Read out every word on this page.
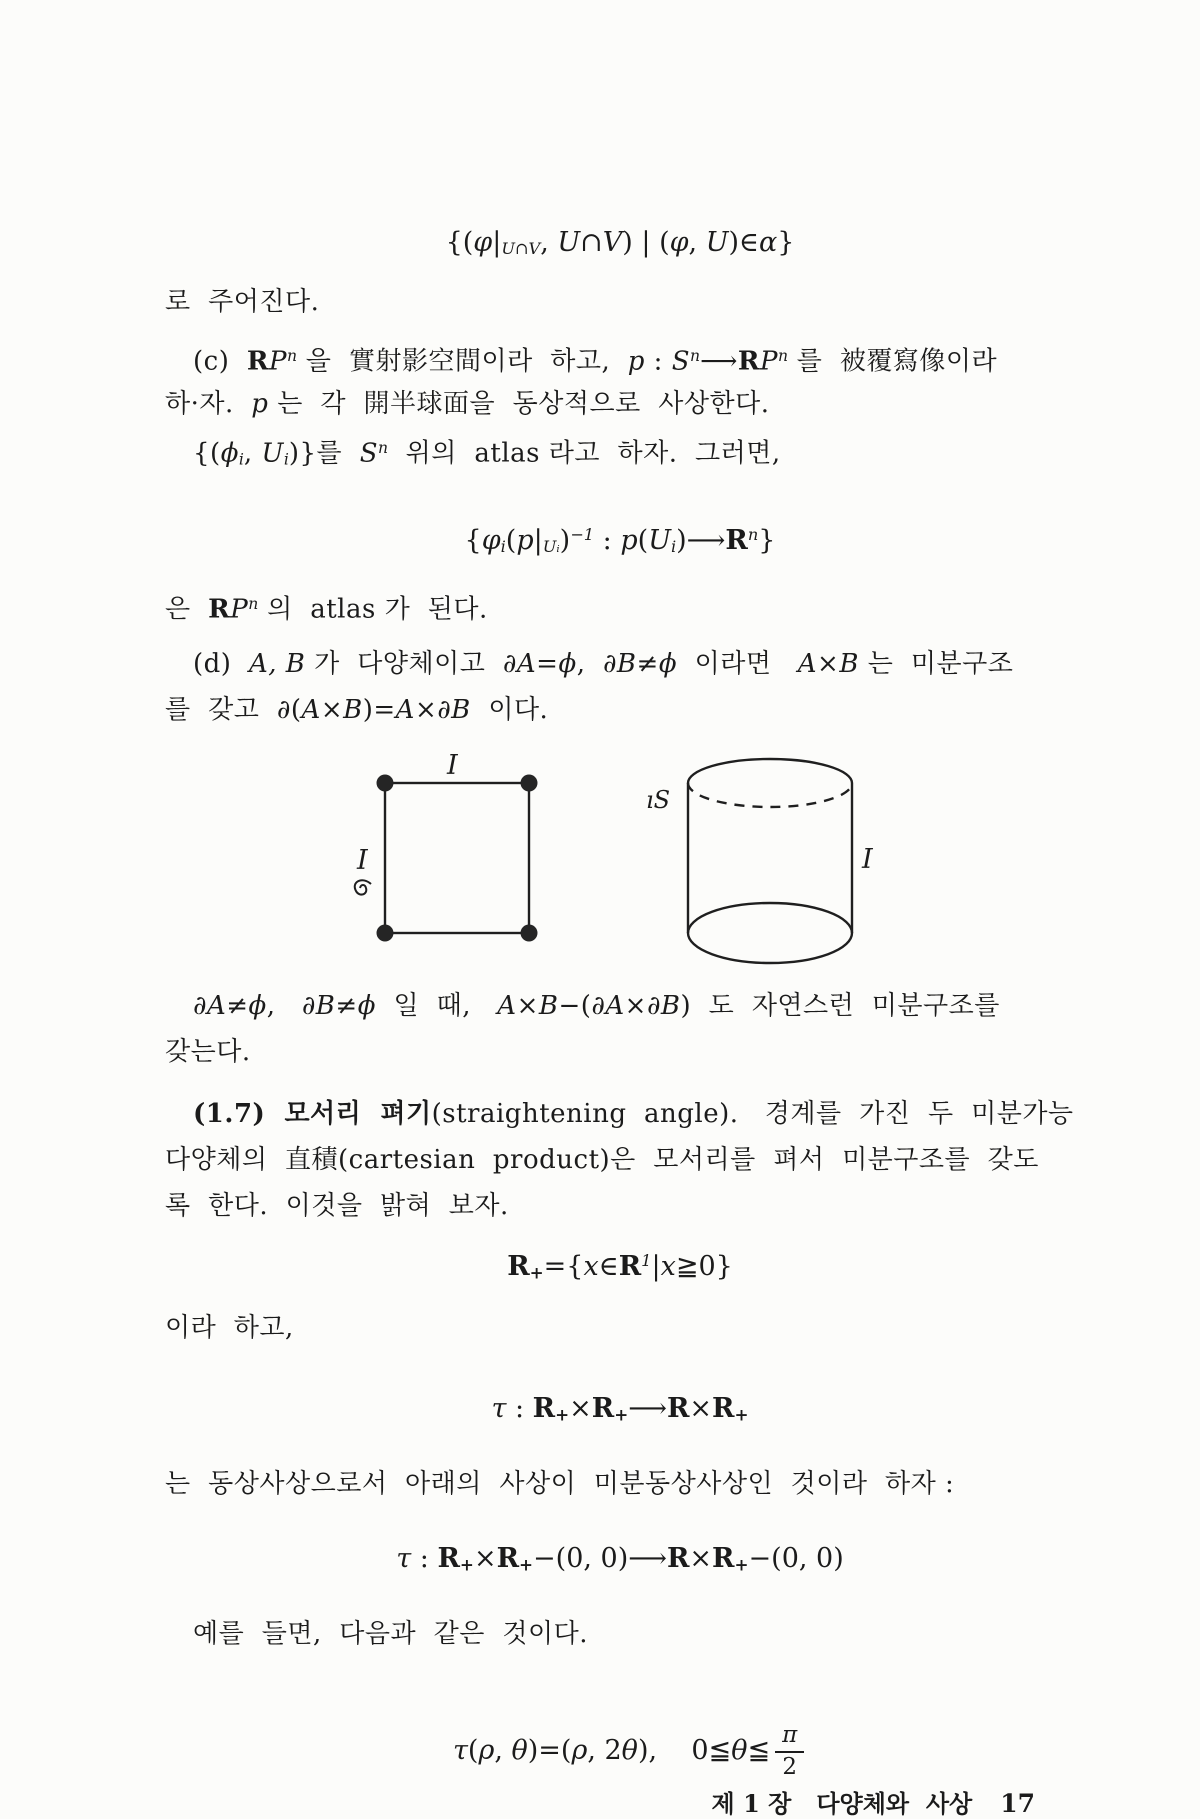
{(φ|U∩V, U∩V) | (φ, U)∈α}
로  주어진다.
(c)  $RP^n$ 을  實射影空間이라  하고,  p : $S^n⟶RP^n$ 를  被覆寫像이라
하·자.  p 는  각  開半球面을  동상적으로  사상한다.
{(ϕi, Ui)}를  $S^n$  위의  atlas 라고  하자.  그러면,
{φi(p|Uᵢ)$^{-1}$ : $p(Ui)⟶R^n$}
은  $RP^n$ 의  atlas 가  된다.
(d)  A, B 가  다양체이고  ∂A=ϕ,  ∂B≠ϕ  이라면   A×B 는  미분구조
를  갖고  ∂(A×B)=A×∂B  이다.
I
I
ıS
I
∂A≠ϕ,   ∂B≠ϕ  일  때,   A×B−(∂A×∂B)  도  자연스런  미분구조를
갖는다.
(1.7)  모서리  펴기(straightening  angle).   경계를  가진  두  미분가능
다양체의  直積(cartesian  product)은  모서리를  펴서  미분구조를  갖도
록  한다.  이것을  밝혀  보자.
$R+=\{x\in R^1|x≧0\}$
이라  하고,
τ : R+×R+⟶R×R+
는  동상사상으로서  아래의  사상이  미분동상사상인  것이라  하자 :
τ : R+×R+−(0, 0)⟶R×R+−(0, 0)
예를  들면,  다음과  같은  것이다.

τ(ρ, θ)=(ρ, 2θ),    0≦θ≦ $\frac{\pi}{2}$

제 1 장   다양체와  사상 17
